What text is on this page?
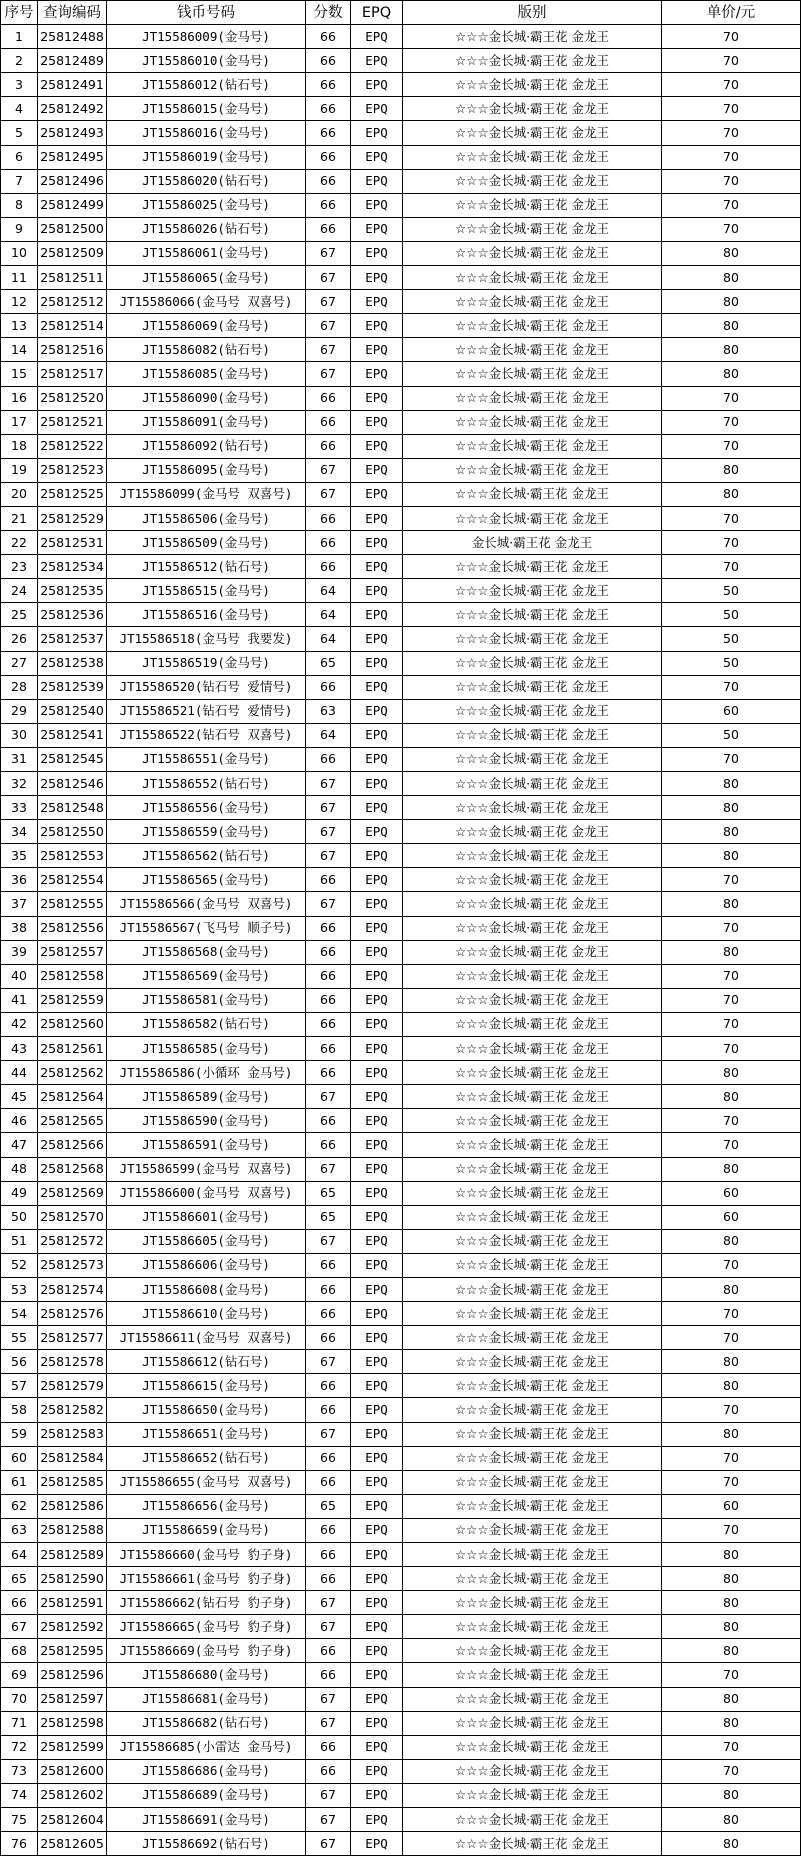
序号	查询编码	钱币号码	分数	EPQ	版别	单价/元
1	25812488	JT15586009(金马号)	66	EPQ	☆☆☆金长城·霸王花 金龙王	70
2	25812489	JT15586010(金马号)	66	EPQ	☆☆☆金长城·霸王花 金龙王	70
3	25812491	JT15586012(钻石号)	66	EPQ	☆☆☆金长城·霸王花 金龙王	70
4	25812492	JT15586015(金马号)	66	EPQ	☆☆☆金长城·霸王花 金龙王	70
5	25812493	JT15586016(金马号)	66	EPQ	☆☆☆金长城·霸王花 金龙王	70
6	25812495	JT15586019(金马号)	66	EPQ	☆☆☆金长城·霸王花 金龙王	70
7	25812496	JT15586020(钻石号)	66	EPQ	☆☆☆金长城·霸王花 金龙王	70
8	25812499	JT15586025(金马号)	66	EPQ	☆☆☆金长城·霸王花 金龙王	70
9	25812500	JT15586026(钻石号)	66	EPQ	☆☆☆金长城·霸王花 金龙王	70
10	25812509	JT15586061(金马号)	67	EPQ	☆☆☆金长城·霸王花 金龙王	80
11	25812511	JT15586065(金马号)	67	EPQ	☆☆☆金长城·霸王花 金龙王	80
12	25812512	JT15586066(金马号 双喜号)	67	EPQ	☆☆☆金长城·霸王花 金龙王	80
13	25812514	JT15586069(金马号)	67	EPQ	☆☆☆金长城·霸王花 金龙王	80
14	25812516	JT15586082(钻石号)	67	EPQ	☆☆☆金长城·霸王花 金龙王	80
15	25812517	JT15586085(金马号)	67	EPQ	☆☆☆金长城·霸王花 金龙王	80
16	25812520	JT15586090(金马号)	66	EPQ	☆☆☆金长城·霸王花 金龙王	70
17	25812521	JT15586091(金马号)	66	EPQ	☆☆☆金长城·霸王花 金龙王	70
18	25812522	JT15586092(钻石号)	66	EPQ	☆☆☆金长城·霸王花 金龙王	70
19	25812523	JT15586095(金马号)	67	EPQ	☆☆☆金长城·霸王花 金龙王	80
20	25812525	JT15586099(金马号 双喜号)	67	EPQ	☆☆☆金长城·霸王花 金龙王	80
21	25812529	JT15586506(金马号)	66	EPQ	☆☆☆金长城·霸王花 金龙王	70
22	25812531	JT15586509(金马号)	66	EPQ	金长城·霸王花 金龙王	70
23	25812534	JT15586512(钻石号)	66	EPQ	☆☆☆金长城·霸王花 金龙王	70
24	25812535	JT15586515(金马号)	64	EPQ	☆☆☆金长城·霸王花 金龙王	50
25	25812536	JT15586516(金马号)	64	EPQ	☆☆☆金长城·霸王花 金龙王	50
26	25812537	JT15586518(金马号 我要发)	64	EPQ	☆☆☆金长城·霸王花 金龙王	50
27	25812538	JT15586519(金马号)	65	EPQ	☆☆☆金长城·霸王花 金龙王	50
28	25812539	JT15586520(钻石号 爱情号)	66	EPQ	☆☆☆金长城·霸王花 金龙王	70
29	25812540	JT15586521(钻石号 爱情号)	63	EPQ	☆☆☆金长城·霸王花 金龙王	60
30	25812541	JT15586522(钻石号 双喜号)	64	EPQ	☆☆☆金长城·霸王花 金龙王	50
31	25812545	JT15586551(金马号)	66	EPQ	☆☆☆金长城·霸王花 金龙王	70
32	25812546	JT15586552(钻石号)	67	EPQ	☆☆☆金长城·霸王花 金龙王	80
33	25812548	JT15586556(金马号)	67	EPQ	☆☆☆金长城·霸王花 金龙王	80
34	25812550	JT15586559(金马号)	67	EPQ	☆☆☆金长城·霸王花 金龙王	80
35	25812553	JT15586562(钻石号)	67	EPQ	☆☆☆金长城·霸王花 金龙王	80
36	25812554	JT15586565(金马号)	66	EPQ	☆☆☆金长城·霸王花 金龙王	70
37	25812555	JT15586566(金马号 双喜号)	67	EPQ	☆☆☆金长城·霸王花 金龙王	80
38	25812556	JT15586567(飞马号 顺子号)	66	EPQ	☆☆☆金长城·霸王花 金龙王	70
39	25812557	JT15586568(金马号)	66	EPQ	☆☆☆金长城·霸王花 金龙王	80
40	25812558	JT15586569(金马号)	66	EPQ	☆☆☆金长城·霸王花 金龙王	70
41	25812559	JT15586581(金马号)	66	EPQ	☆☆☆金长城·霸王花 金龙王	70
42	25812560	JT15586582(钻石号)	66	EPQ	☆☆☆金长城·霸王花 金龙王	70
43	25812561	JT15586585(金马号)	66	EPQ	☆☆☆金长城·霸王花 金龙王	70
44	25812562	JT15586586(小循环 金马号)	66	EPQ	☆☆☆金长城·霸王花 金龙王	80
45	25812564	JT15586589(金马号)	67	EPQ	☆☆☆金长城·霸王花 金龙王	80
46	25812565	JT15586590(金马号)	66	EPQ	☆☆☆金长城·霸王花 金龙王	70
47	25812566	JT15586591(金马号)	66	EPQ	☆☆☆金长城·霸王花 金龙王	70
48	25812568	JT15586599(金马号 双喜号)	67	EPQ	☆☆☆金长城·霸王花 金龙王	80
49	25812569	JT15586600(金马号 双喜号)	65	EPQ	☆☆☆金长城·霸王花 金龙王	60
50	25812570	JT15586601(金马号)	65	EPQ	☆☆☆金长城·霸王花 金龙王	60
51	25812572	JT15586605(金马号)	67	EPQ	☆☆☆金长城·霸王花 金龙王	80
52	25812573	JT15586606(金马号)	66	EPQ	☆☆☆金长城·霸王花 金龙王	70
53	25812574	JT15586608(金马号)	66	EPQ	☆☆☆金长城·霸王花 金龙王	80
54	25812576	JT15586610(金马号)	66	EPQ	☆☆☆金长城·霸王花 金龙王	70
55	25812577	JT15586611(金马号 双喜号)	66	EPQ	☆☆☆金长城·霸王花 金龙王	70
56	25812578	JT15586612(钻石号)	67	EPQ	☆☆☆金长城·霸王花 金龙王	80
57	25812579	JT15586615(金马号)	66	EPQ	☆☆☆金长城·霸王花 金龙王	80
58	25812582	JT15586650(金马号)	66	EPQ	☆☆☆金长城·霸王花 金龙王	70
59	25812583	JT15586651(金马号)	67	EPQ	☆☆☆金长城·霸王花 金龙王	80
60	25812584	JT15586652(钻石号)	66	EPQ	☆☆☆金长城·霸王花 金龙王	70
61	25812585	JT15586655(金马号 双喜号)	66	EPQ	☆☆☆金长城·霸王花 金龙王	70
62	25812586	JT15586656(金马号)	65	EPQ	☆☆☆金长城·霸王花 金龙王	60
63	25812588	JT15586659(金马号)	66	EPQ	☆☆☆金长城·霸王花 金龙王	70
64	25812589	JT15586660(金马号 豹子身)	66	EPQ	☆☆☆金长城·霸王花 金龙王	80
65	25812590	JT15586661(金马号 豹子身)	66	EPQ	☆☆☆金长城·霸王花 金龙王	80
66	25812591	JT15586662(钻石号 豹子身)	67	EPQ	☆☆☆金长城·霸王花 金龙王	80
67	25812592	JT15586665(金马号 豹子身)	67	EPQ	☆☆☆金长城·霸王花 金龙王	80
68	25812595	JT15586669(金马号 豹子身)	66	EPQ	☆☆☆金长城·霸王花 金龙王	80
69	25812596	JT15586680(金马号)	66	EPQ	☆☆☆金长城·霸王花 金龙王	70
70	25812597	JT15586681(金马号)	67	EPQ	☆☆☆金长城·霸王花 金龙王	80
71	25812598	JT15586682(钻石号)	67	EPQ	☆☆☆金长城·霸王花 金龙王	80
72	25812599	JT15586685(小雷达 金马号)	66	EPQ	☆☆☆金长城·霸王花 金龙王	70
73	25812600	JT15586686(金马号)	66	EPQ	☆☆☆金长城·霸王花 金龙王	70
74	25812602	JT15586689(金马号)	67	EPQ	☆☆☆金长城·霸王花 金龙王	80
75	25812604	JT15586691(金马号)	67	EPQ	☆☆☆金长城·霸王花 金龙王	80
76	25812605	JT15586692(钻石号)	67	EPQ	☆☆☆金长城·霸王花 金龙王	80
